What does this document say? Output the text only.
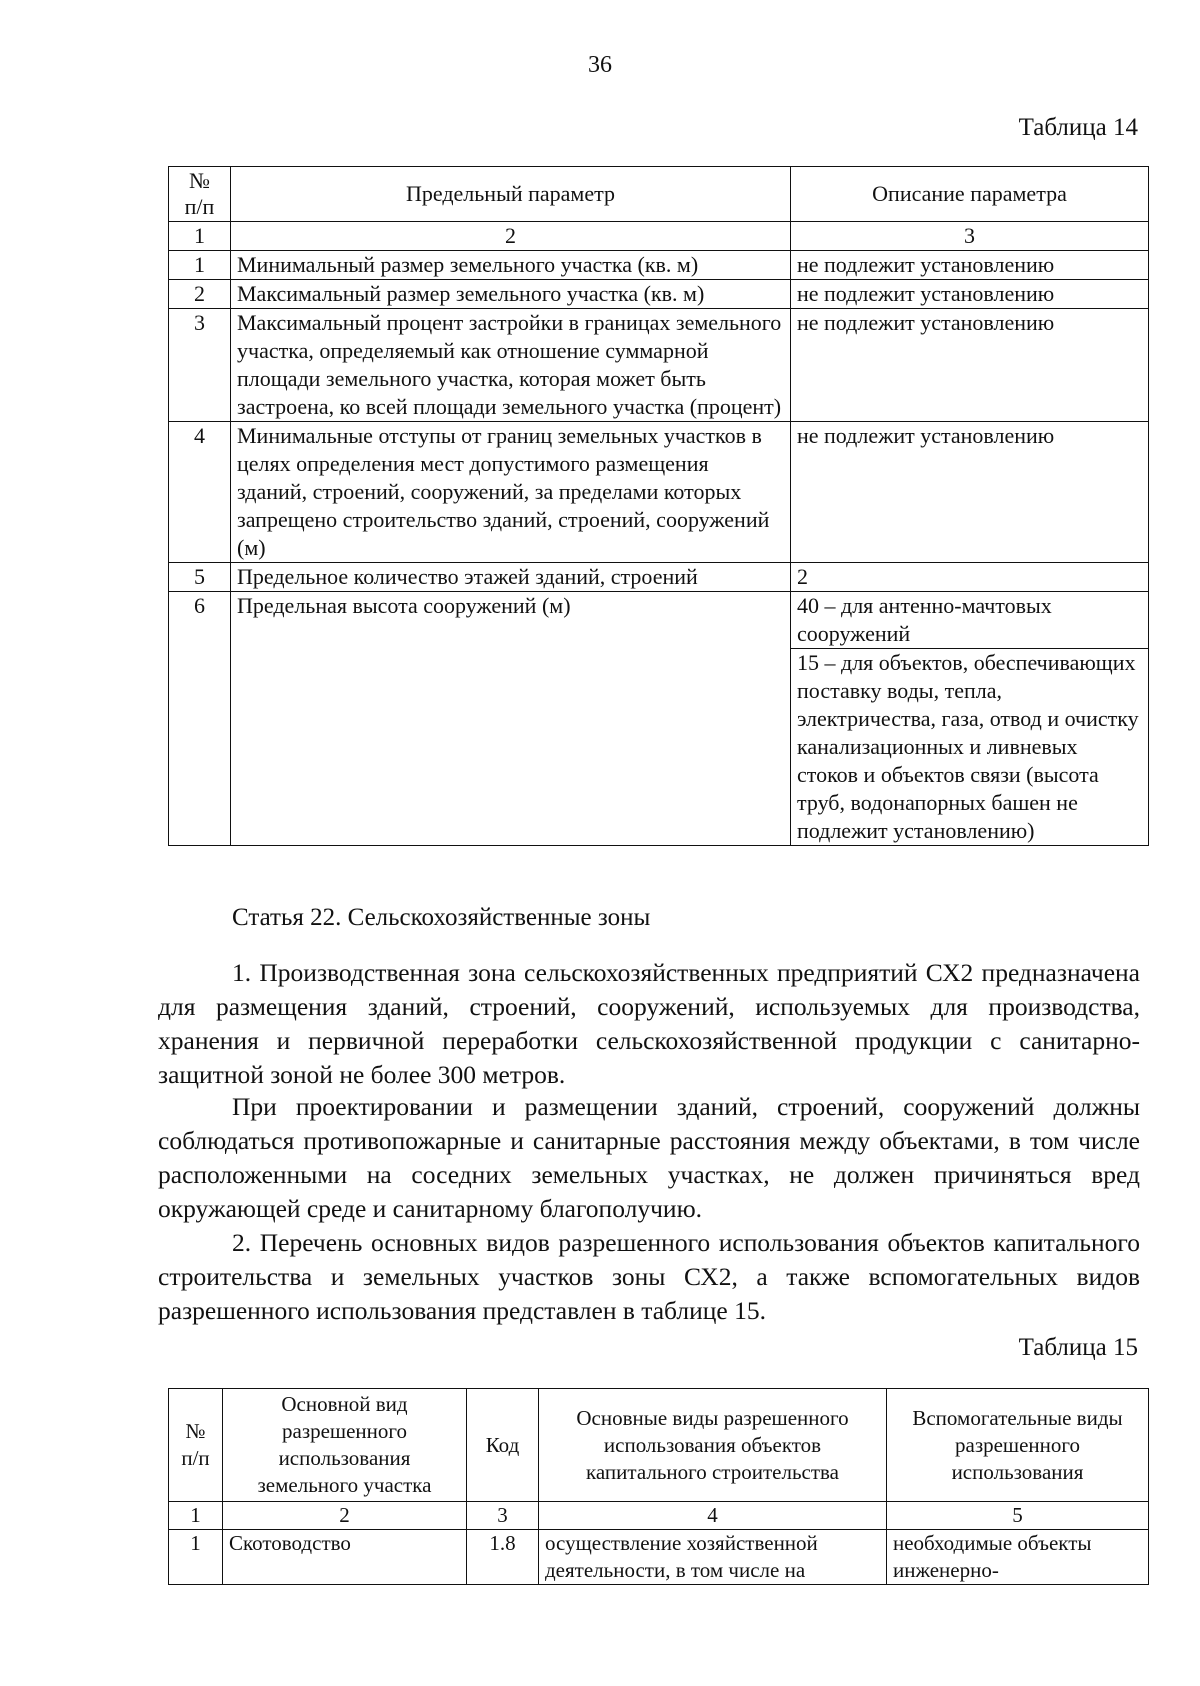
36
Таблица 14
№
п/п	Предельный параметр	Описание параметра
1	2	3
1	Минимальный размер земельного участка (кв. м)	не подлежит установлению
2	Максимальный размер земельного участка (кв. м)	не подлежит установлению
3	Максимальный процент застройки в границах земельного участка, определяемый как отношение суммарной площади земельного участка, которая может быть застроена, ко всей площади земельного участка (процент)	не подлежит установлению
4	Минимальные отступы от границ земельных участков в целях определения мест допустимого размещения зданий, строений, сооружений, за пределами которых запрещено строительство зданий, строений, сооружений (м)	не подлежит установлению
5	Предельное количество этажей зданий, строений	2
6	Предельная высота сооружений (м)	40 – для антенно-мачтовых сооружений
15 – для объектов, обеспечивающих поставку воды, тепла, электричества, газа, отвод и очистку канализационных и ливневых стоков и объектов связи (высота труб, водонапорных башен не подлежит установлению)
Статья 22. Сельскохозяйственные зоны

1. Производственная зона сельскохозяйственных предприятий СХ2 предназначена для размещения зданий, строений, сооружений, используемых для производства, хранения и первичной переработки сельскохозяйственной продукции с санитарно-защитной зоной не более 300 метров.

При проектировании и размещении зданий, строений, сооружений должны соблюдаться противопожарные и санитарные расстояния между объектами, в том числе расположенными на соседних земельных участках, не должен причиняться вред окружающей среде и санитарному благополучию.

2. Перечень основных видов разрешенного использования объектов капитального строительства и земельных участков зоны СХ2, а также вспомогательных видов разрешенного использования представлен в таблице 15.

Таблица 15
№
п/п	Основной вид разрешенного использования земельного участка	Код	Основные виды разрешенного использования объектов капитального строительства	Вспомогательные виды разрешенного использования
1	2	3	4	5
1	Скотоводство	1.8	осуществление хозяйственной деятельности, в том числе на	необходимые объекты инженерно-
